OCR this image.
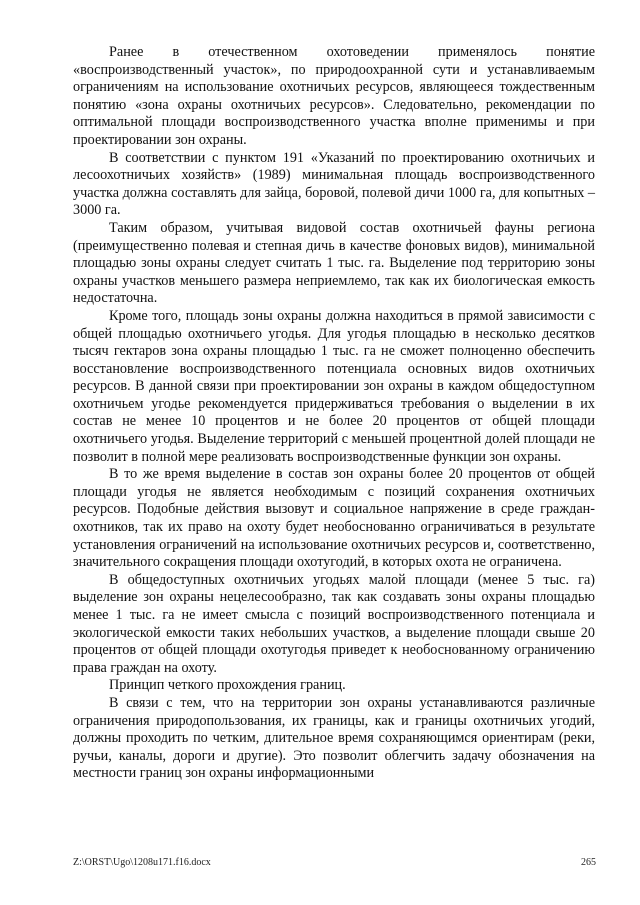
Ранее в отечественном охотоведении применялось понятие «воспроизводственный участок», по природоохранной сути и устанавливаемым ограничениям на использование охотничьих ресурсов, являющееся тождественным понятию «зона охраны охотничьих ресурсов». Следовательно, рекомендации по оптимальной площади воспроизводственного участка вполне применимы и при проектировании зон охраны.

В соответствии с пунктом 191 «Указаний по проектированию охотничьих и лесоохотничьих хозяйств» (1989) минимальная площадь воспроизводственного участка должна составлять для зайца, боровой, полевой дичи 1000 га, для копытных – 3000 га.

Таким образом, учитывая видовой состав охотничьей фауны региона (преимущественно полевая и степная дичь в качестве фоновых видов), минимальной площадью зоны охраны следует считать 1 тыс. га. Выделение под территорию зоны охраны участков меньшего размера неприемлемо, так как их биологическая емкость недостаточна.

Кроме того, площадь зоны охраны должна находиться в прямой зависимости с общей площадью охотничьего угодья. Для угодья площадью в несколько десятков тысяч гектаров зона охраны площадью 1 тыс. га не сможет полноценно обеспечить восстановление воспроизводственного потенциала основных видов охотничьих ресурсов. В данной связи при проектировании зон охраны в каждом общедоступном охотничьем угодье рекомендуется придерживаться требования о выделении в их состав не менее 10 процентов и не более 20 процентов от общей площади охотничьего угодья. Выделение территорий с меньшей процентной долей площади не позволит в полной мере реализовать воспроизводственные функции зон охраны.

В то же время выделение в состав зон охраны более 20 процентов от общей площади угодья не является необходимым с позиций сохранения охотничьих ресурсов. Подобные действия вызовут и социальное напряжение в среде граждан-охотников, так их право на охоту будет необоснованно ограничиваться в результате установления ограничений на использование охотничьих ресурсов и, соответственно, значительного сокращения площади охотугодий, в которых охота не ограничена.

В общедоступных охотничьих угодьях малой площади (менее 5 тыс. га) выделение зон охраны нецелесообразно, так как создавать зоны охраны площадью менее 1 тыс. га не имеет смысла с позиций воспроизводственного потенциала и экологической емкости таких небольших участков, а выделение площади свыше 20 процентов от общей площади охотугодья приведет к необоснованному ограничению права граждан на охоту.

Принцип четкого прохождения границ.

В связи с тем, что на территории зон охраны устанавливаются различные ограничения природопользования, их границы, как и границы охотничьих угодий, должны проходить по четким, длительное время сохраняющимся ориентирам (реки, ручьи, каналы, дороги и другие). Это позволит облегчить задачу обозначения на местности границ зон охраны информационными

Z:\ORST\Ugo\1208u171.f16.docx	265
